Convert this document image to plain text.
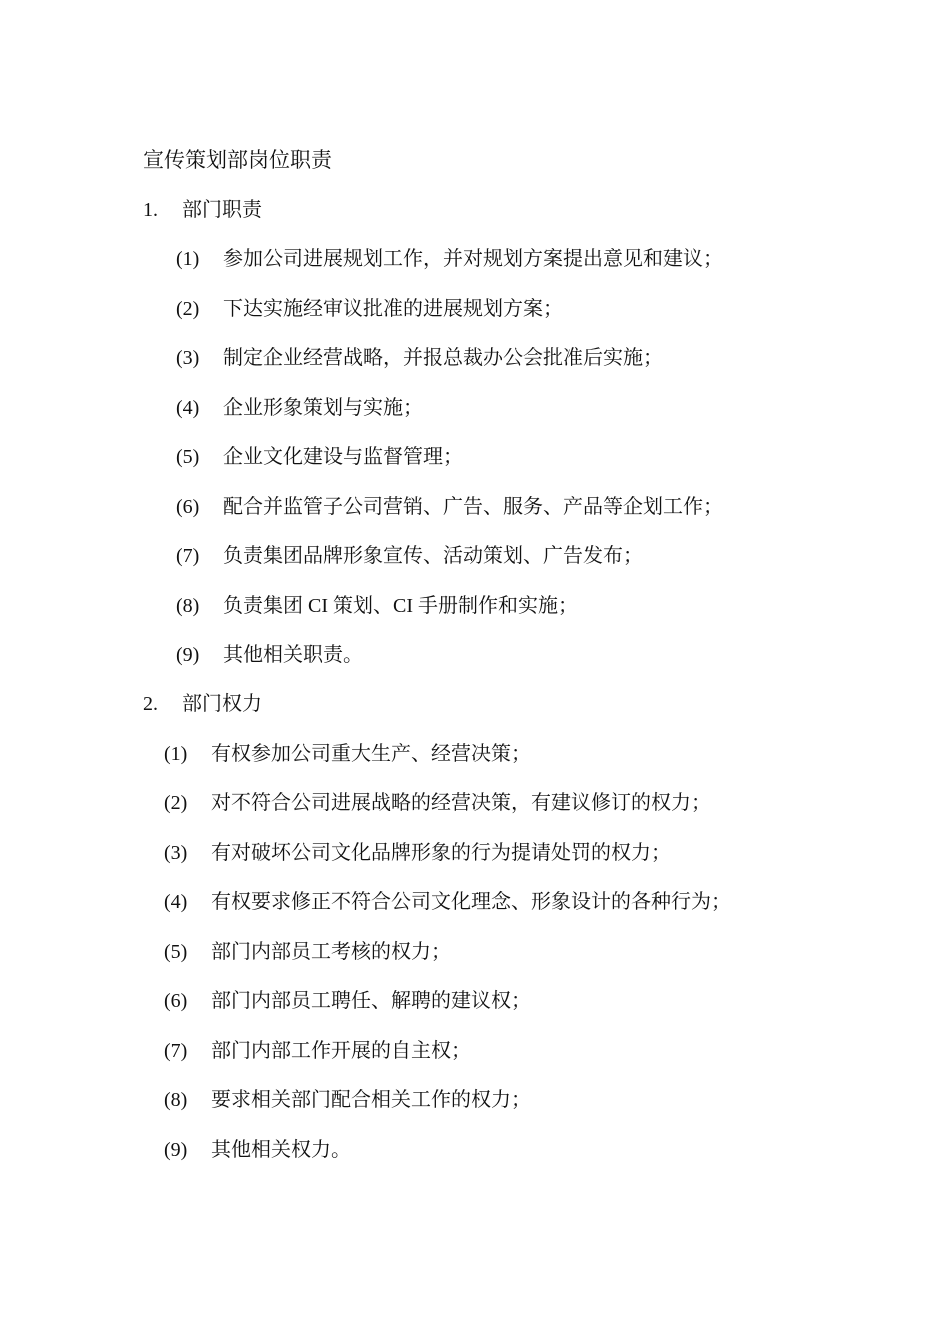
宣传策划部岗位职责
1. 部门职责
(1) 参加公司进展规划工作，并对规划方案提出意见和建议；
(2) 下达实施经审议批准的进展规划方案；
(3) 制定企业经营战略，并报总裁办公会批准后实施；
(4) 企业形象策划与实施；
(5) 企业文化建设与监督管理；
(6) 配合并监管子公司营销、广告、服务、产品等企划工作；
(7) 负责集团品牌形象宣传、活动策划、广告发布；
(8) 负责集团 CI 策划、CI 手册制作和实施；
(9) 其他相关职责。
2. 部门权力
(1) 有权参加公司重大生产、经营决策；
(2) 对不符合公司进展战略的经营决策，有建议修订的权力；
(3) 有对破坏公司文化品牌形象的行为提请处罚的权力；
(4) 有权要求修正不符合公司文化理念、形象设计的各种行为；
(5) 部门内部员工考核的权力；
(6) 部门内部员工聘任、解聘的建议权；
(7) 部门内部工作开展的自主权；
(8) 要求相关部门配合相关工作的权力；
(9) 其他相关权力。
